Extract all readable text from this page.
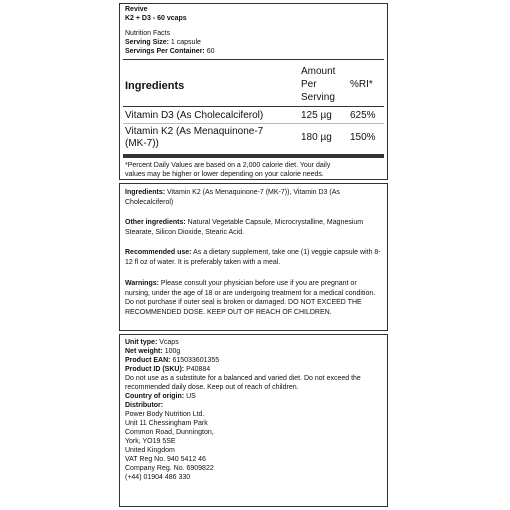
Revive
K2 + D3 - 60 vcaps
Nutrition Facts
Serving Size: 1 capsule
Servings Per Container: 60
Ingredients
Amount
Per
Serving
%RI*
Vitamin D3 (As Cholecalciferol)	125 µg 625%
Vitamin K2 (As Menaquinone-7
(MK-7))
180 µg 150%
*Percent Daily Values are based on a 2,000 calorie diet. Your daily
values may be higher or lower depending on your calorie needs.
Ingredients: Vitamin K2 (As Menaquinone-7 (MK-7)), Vitamin D3 (As Cholecalciferol)
Other ingredients: Natural Vegetable Capsule, Microcrystalline, Magnesium Stearate, Silicon Dioxide, Stearic Acid.
Recommended use: As a dietary supplement, take one (1) veggie capsule with 8-12 fl oz of water. It is preferably taken with a meal.
Warnings: Please consult your physician before use if you are pregnant or nursing, under the age of 18 or are undergoing treatment for a medical condition. Do not purchase if outer seal is broken or damaged. DO NOT EXCEED THE RECOMMENDED DOSE. KEEP OUT OF REACH OF CHILDREN.
Unit type: Vcaps
Net weight: 100g
Product EAN: 615033601355
Product ID (SKU): P40884
Do not use as a substitute for a balanced and varied diet. Do not exceed the recommended daily dose. Keep out of reach of children.
Country of origin: US
Distributor:
Power Body Nutrition Ltd.
Unit 11 Chessingham Park
Common Road, Dunnington,
York, YO19 5SE
United Kingdom
VAT Reg No. 940 5412 46
Company Reg. No. 6909822
(+44) 01904 486 330
